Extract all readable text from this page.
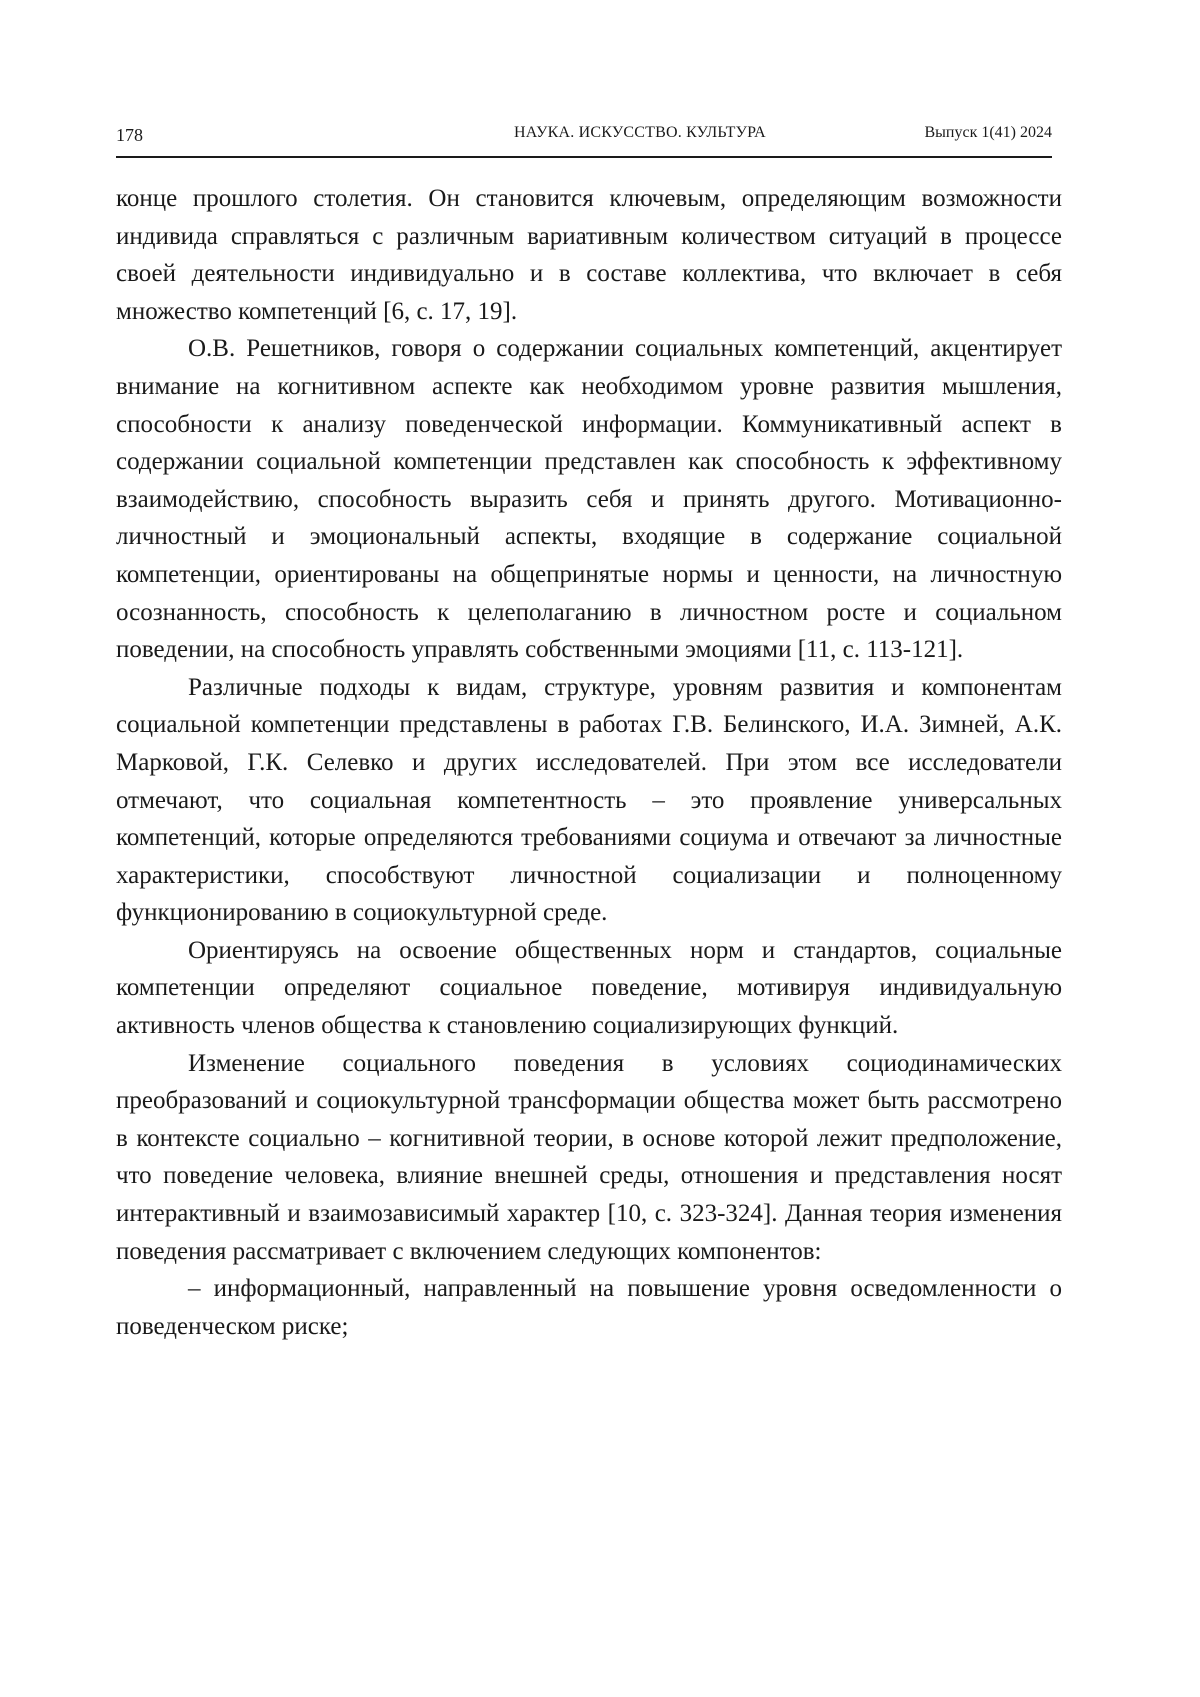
178	НАУКА. ИСКУССТВО. КУЛЬТУРА	Выпуск 1(41) 2024

конце прошлого столетия. Он становится ключевым, определяющим возможности индивида справляться с различным вариативным количеством ситуаций в процессе своей деятельности индивидуально и в составе коллектива, что включает в себя множество компетенций [6, с. 17, 19].

О.В. Решетников, говоря о содержании социальных компетенций, акцентирует внимание на когнитивном аспекте как необходимом уровне развития мышления, способности к анализу поведенческой информации. Коммуникативный аспект в содержании социальной компетенции представлен как способность к эффективному взаимодействию, способность выразить себя и принять другого. Мотивационно-личностный и эмоциональный аспекты, входящие в содержание социальной компетенции, ориентированы на общепринятые нормы и ценности, на личностную осознанность, способность к целеполаганию в личностном росте и социальном поведении, на способность управлять собственными эмоциями [11, с. 113-121].

Различные подходы к видам, структуре, уровням развития и компонентам социальной компетенции представлены в работах Г.В. Белинского, И.А. Зимней, А.К. Марковой, Г.К. Селевко и других исследователей. При этом все исследователи отмечают, что социальная компетентность – это проявление универсальных компетенций, которые определяются требованиями социума и отвечают за личностные характеристики, способствуют личностной социализации и полноценному функционированию в социокультурной среде.

Ориентируясь на освоение общественных норм и стандартов, социальные компетенции определяют социальное поведение, мотивируя индивидуальную активность членов общества к становлению социализирующих функций.

Изменение социального поведения в условиях социодинамических преобразований и социокультурной трансформации общества может быть рассмотрено в контексте социально – когнитивной теории, в основе которой лежит предположение, что поведение человека, влияние внешней среды, отношения и представления носят интерактивный и взаимозависимый характер [10, с. 323-324]. Данная теория изменения поведения рассматривает с включением следующих компонентов:

– информационный, направленный на повышение уровня осведомленности о поведенческом риске;
